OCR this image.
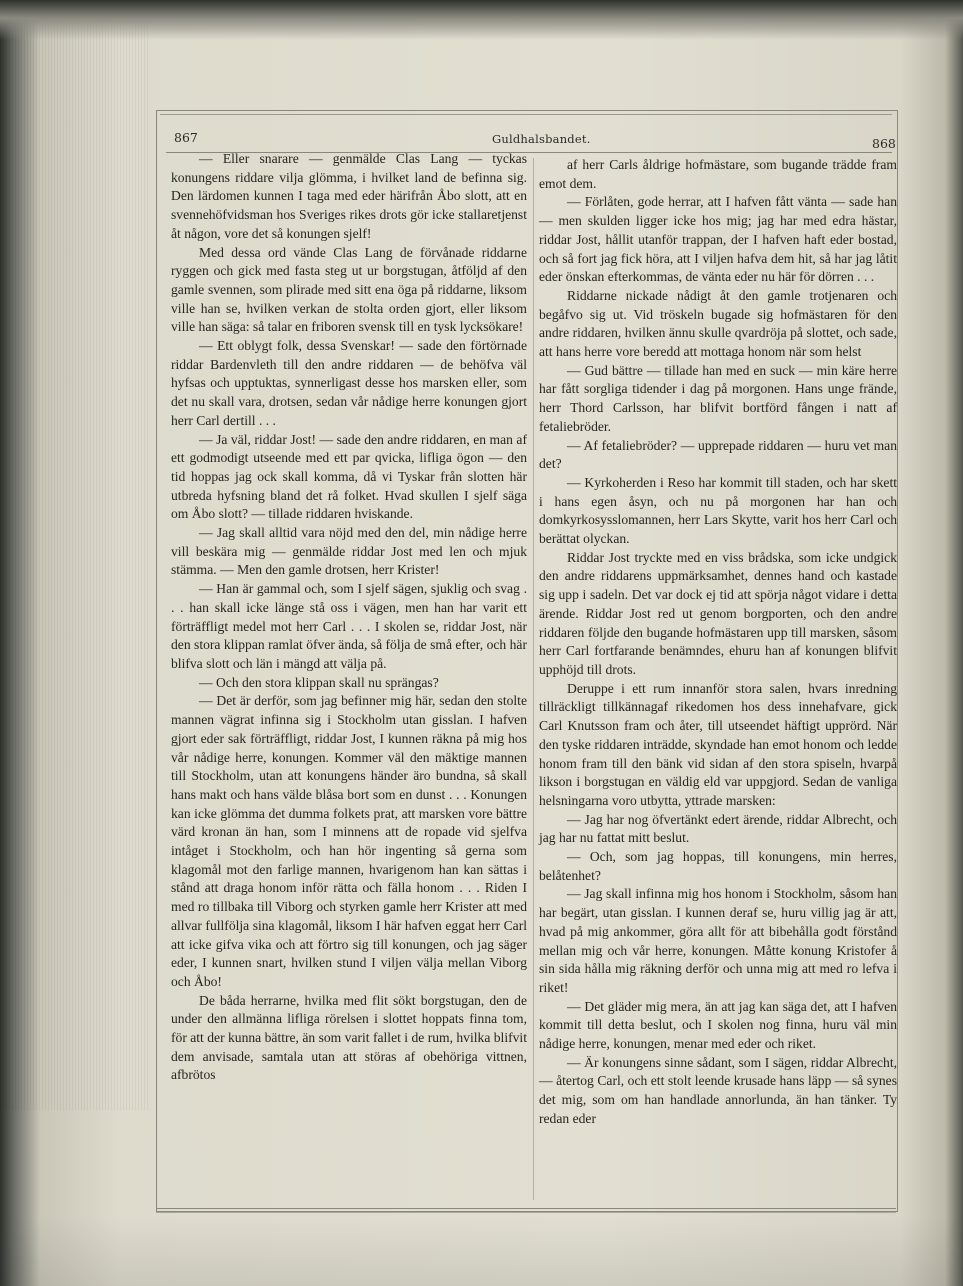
867	Guldhalsbandet.	868

— Eller snarare — genmälde Clas Lang — tyckas konungens riddare vilja glömma, i hvilket land de befinna sig. Den lärdomen kunnen I taga med eder härifrån Åbo slott, att en svennehöfvidsman hos Sveriges rikes drots gör icke stallaretjenst åt någon, vore det så konungen sjelf!

Med dessa ord vände Clas Lang de förvånade riddarne ryggen och gick med fasta steg ut ur borgstugan, åtföljd af den gamle svennen, som plirade med sitt ena öga på riddarne, liksom ville han se, hvilken verkan de stolta orden gjort, eller liksom ville han säga: så talar en friboren svensk till en tysk lycksökare!

— Ett oblygt folk, dessa Svenskar! — sade den förtörnade riddar Bardenvleth till den andre riddaren — de behöfva väl hyfsas och upptuktas, synnerligast desse hos marsken eller, som det nu skall vara, drotsen, sedan vår nådige herre konungen gjort herr Carl dertill . . .

— Ja väl, riddar Jost! — sade den andre riddaren, en man af ett godmodigt utseende med ett par qvicka, lifliga ögon — den tid hoppas jag ock skall komma, då vi Tyskar från slotten här utbreda hyfsning bland det rå folket. Hvad skullen I sjelf säga om Åbo slott? — tillade riddaren hviskande.

— Jag skall alltid vara nöjd med den del, min nådige herre vill beskära mig — genmälde riddar Jost med len och mjuk stämma. — Men den gamle drotsen, herr Krister!

— Han är gammal och, som I sjelf sägen, sjuklig och svag . . . han skall icke länge stå oss i vägen, men han har varit ett förträffligt medel mot herr Carl . . . I skolen se, riddar Jost, när den stora klippan ramlat öfver ända, så följa de små efter, och här blifva slott och län i mängd att välja på.

— Och den stora klippan skall nu sprängas?

— Det är derför, som jag befinner mig här, sedan den stolte mannen vägrat infinna sig i Stockholm utan gisslan. I hafven gjort eder sak förträffligt, riddar Jost, I kunnen räkna på mig hos vår nådige herre, konungen. Kommer väl den mäktige mannen till Stockholm, utan att konungens händer äro bundna, så skall hans makt och hans välde blåsa bort som en dunst . . . Konungen kan icke glömma det dumma folkets prat, att marsken vore bättre värd kronan än han, som I minnens att de ropade vid sjelfva intåget i Stockholm, och han hör ingenting så gerna som klagomål mot den farlige mannen, hvarigenom han kan sättas i stånd att draga honom inför rätta och fälla honom . . . Riden I med ro tillbaka till Viborg och styrken gamle herr Krister att med allvar fullfölja sina klagomål, liksom I här hafven eggat herr Carl att icke gifva vika och att förtro sig till konungen, och jag säger eder, I kunnen snart, hvilken stund I viljen välja mellan Viborg och Åbo!

De båda herrarne, hvilka med flit sökt borgstugan, den de under den allmänna lifliga rörelsen i slottet hoppats finna tom, för att der kunna bättre, än som varit fallet i de rum, hvilka blifvit dem anvisade, samtala utan att störas af obehöriga vittnen, afbrötos

af herr Carls åldrige hofmästare, som bugande trädde fram emot dem.

— Förlåten, gode herrar, att I hafven fått vänta — sade han — men skulden ligger icke hos mig; jag har med edra hästar, riddar Jost, hållit utanför trappan, der I hafven haft eder bostad, och så fort jag fick höra, att I viljen hafva dem hit, så har jag låtit eder önskan efterkommas, de vänta eder nu här för dörren . . .

Riddarne nickade nådigt åt den gamle trotjenaren och begåfvo sig ut. Vid tröskeln bugade sig hofmästaren för den andre riddaren, hvilken ännu skulle qvardröja på slottet, och sade, att hans herre vore beredd att mottaga honom när som helst

— Gud bättre — tillade han med en suck — min käre herre har fått sorgliga tidender i dag på morgonen. Hans unge frände, herr Thord Carlsson, har blifvit bortförd fången i natt af fetaliebröder.

— Af fetaliebröder? — upprepade riddaren — huru vet man det?

— Kyrkoherden i Reso har kommit till staden, och har skett i hans egen åsyn, och nu på morgonen har han och domkyrkosysslomannen, herr Lars Skytte, varit hos herr Carl och berättat olyckan.

Riddar Jost tryckte med en viss brådska, som icke undgick den andre riddarens uppmärksamhet, dennes hand och kastade sig upp i sadeln. Det var dock ej tid att spörja något vidare i detta ärende. Riddar Jost red ut genom borgporten, och den andre riddaren följde den bugande hofmästaren upp till marsken, såsom herr Carl fortfarande benämndes, ehuru han af konungen blifvit upphöjd till drots.

Deruppe i ett rum innanför stora salen, hvars inredning tillräckligt tillkännagaf rikedomen hos dess innehafvare, gick Carl Knutsson fram och åter, till utseendet häftigt upprörd. När den tyske riddaren inträdde, skyndade han emot honom och ledde honom fram till den bänk vid sidan af den stora spiseln, hvarpå likson i borgstugan en väldig eld var uppgjord. Sedan de vanliga helsningarna voro utbytta, yttrade marsken:

— Jag har nog öfvertänkt edert ärende, riddar Albrecht, och jag har nu fattat mitt beslut.

— Och, som jag hoppas, till konungens, min herres, belåtenhet?

— Jag skall infinna mig hos honom i Stockholm, såsom han har begärt, utan gisslan. I kunnen deraf se, huru villig jag är att, hvad på mig ankommer, göra allt för att bibehålla godt förstånd mellan mig och vår herre, konungen. Måtte konung Kristofer å sin sida hålla mig räkning derför och unna mig att med ro lefva i riket!

— Det gläder mig mera, än att jag kan säga det, att I hafven kommit till detta beslut, och I skolen nog finna, huru väl min nådige herre, konungen, menar med eder och riket.

— Är konungens sinne sådant, som I sägen, riddar Albrecht, — återtog Carl, och ett stolt leende krusade hans läpp — så synes det mig, som om han handlade annorlunda, än han tänker. Ty redan eder
